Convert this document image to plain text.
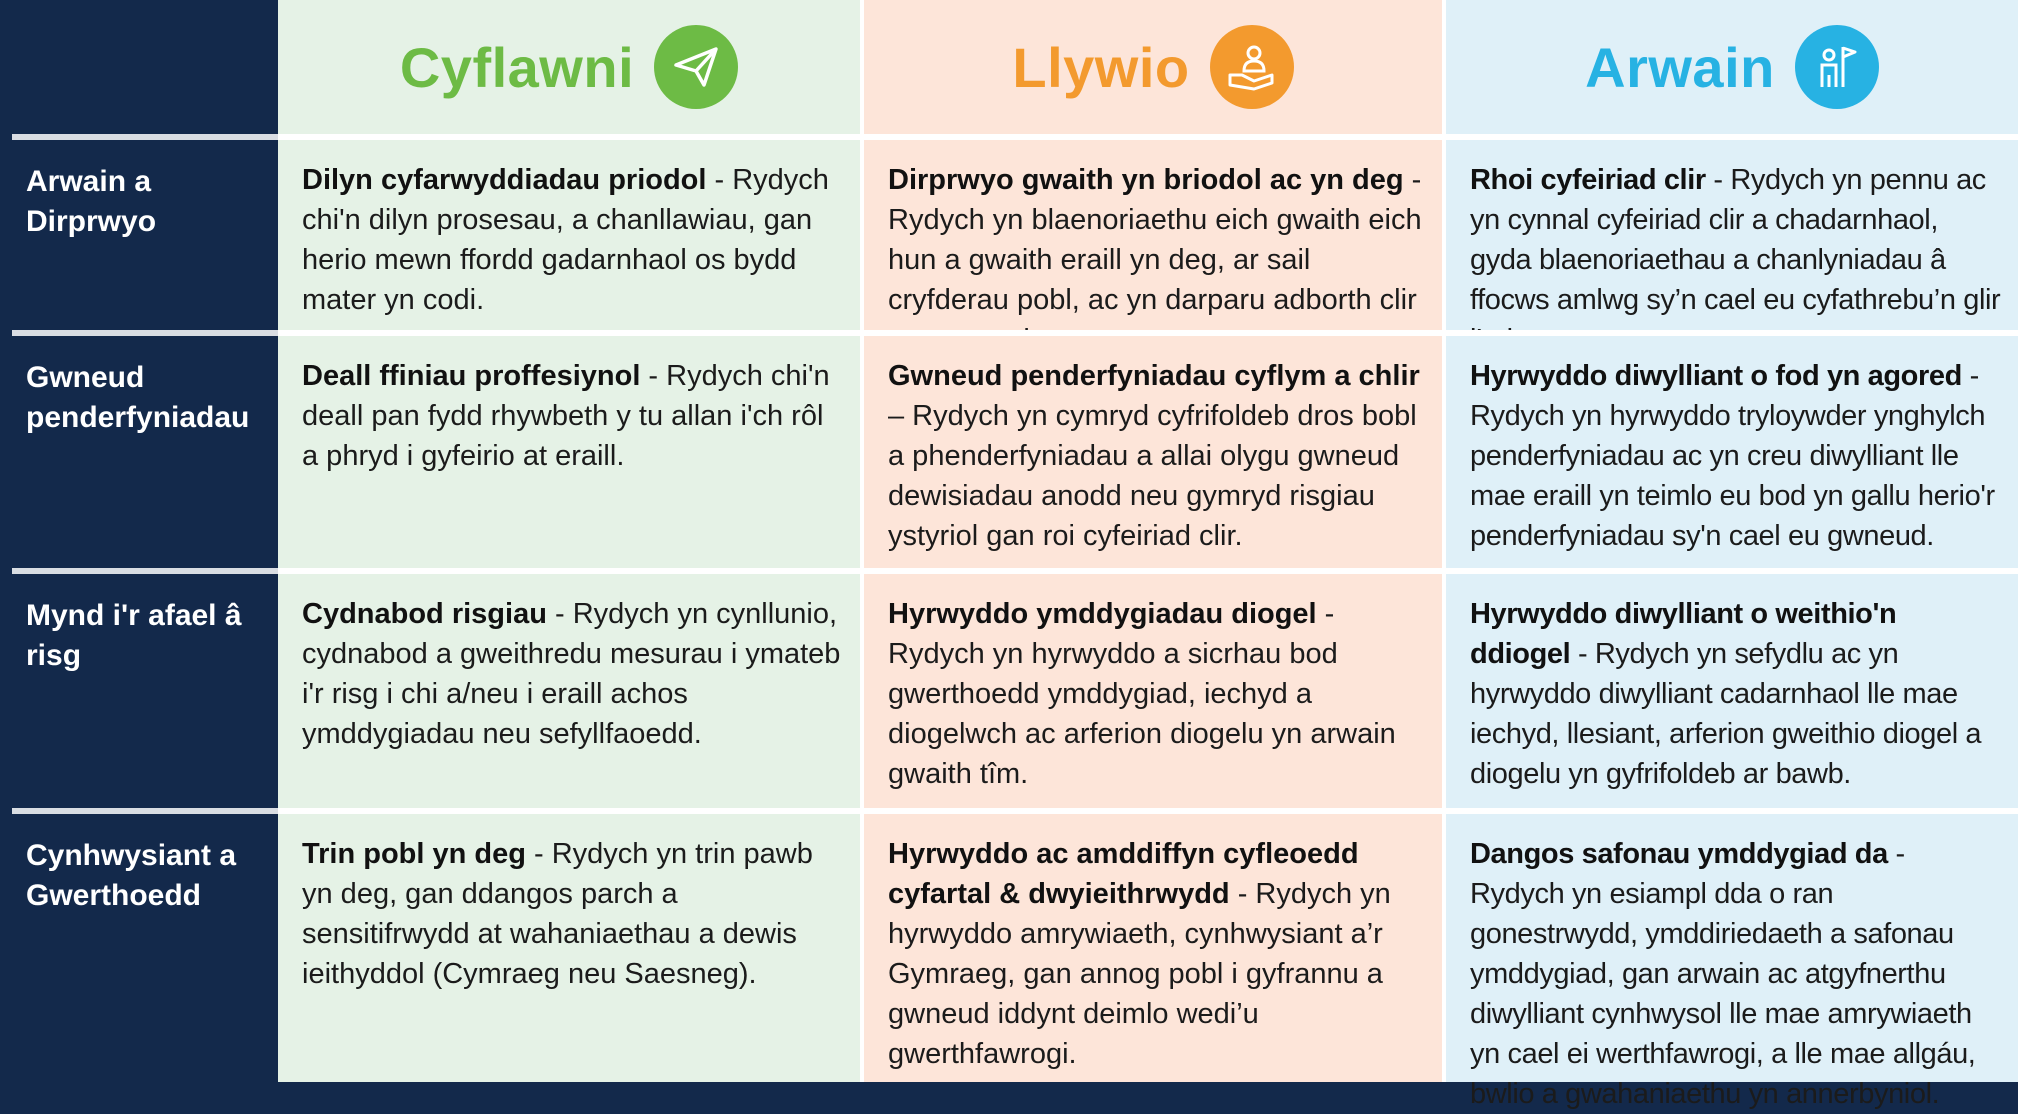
Cyflawni	Llywio	Arwain
Arwain a Dirprwyo
Dilyn cyfarwyddiadau priodol - Rydych chi'n dilyn prosesau, a chanllawiau, gan herio mewn ffordd gadarnhaol os bydd mater yn codi.
Dirprwyo gwaith yn briodol ac yn deg - Rydych yn blaenoriaethu eich gwaith eich hun a gwaith eraill yn deg, ar sail cryfderau pobl, ac yn darparu adborth clir
Rhoi cyfeiriad clir - Rydych yn pennu ac yn cynnal cyfeiriad clir a chadarnhaol, gyda blaenoriaethau a chanlyniadau â ffocws amlwg sy’n cael eu cyfathrebu’n glir
Gwneud penderfyniadau
Deall ffiniau proffesiynol - Rydych chi'n deall pan fydd rhywbeth y tu allan i'ch rôl a phryd i gyfeirio at eraill.
Gwneud penderfyniadau cyflym a chlir – Rydych yn cymryd cyfrifoldeb dros bobl a phenderfyniadau a allai olygu gwneud dewisiadau anodd neu gymryd risgiau ystyriol gan roi cyfeiriad clir.
Hyrwyddo diwylliant o fod yn agored - Rydych yn hyrwyddo tryloywder ynghylch penderfyniadau ac yn creu diwylliant lle mae eraill yn teimlo eu bod yn gallu herio'r penderfyniadau sy'n cael eu gwneud.
Mynd i'r afael â risg
Cydnabod risgiau - Rydych yn cynllunio, cydnabod a gweithredu mesurau i ymateb i'r risg i chi a/neu i eraill achos ymddygiadau neu sefyllfaoedd.
Hyrwyddo ymddygiadau diogel - Rydych yn hyrwyddo a sicrhau bod gwerthoedd ymddygiad, iechyd a diogelwch ac arferion diogelu yn arwain gwaith tîm.
Hyrwyddo diwylliant o weithio'n ddiogel - Rydych yn sefydlu ac yn hyrwyddo diwylliant cadarnhaol lle mae iechyd, llesiant, arferion gweithio diogel a diogelu yn gyfrifoldeb ar bawb.
Cynhwysiant a Gwerthoedd
Trin pobl yn deg - Rydych yn trin pawb yn deg, gan ddangos parch a sensitifrwydd at wahaniaethau a dewis ieithyddol (Cymraeg neu Saesneg).
Hyrwyddo ac amddiffyn cyfleoedd cyfartal & dwyieithrwydd - Rydych yn hyrwyddo amrywiaeth, cynhwysiant a’r Gymraeg, gan annog pobl i gyfrannu a gwneud iddynt deimlo wedi’u gwerthfawrogi.
Dangos safonau ymddygiad da - Rydych yn esiampl dda o ran gonestrwydd, ymddiriedaeth a safonau ymddygiad, gan arwain ac atgyfnerthu diwylliant cynhwysol lle mae amrywiaeth yn cael ei werthfawrogi, a lle mae allgáu, bwlio a gwahaniaethu yn annerbyniol.
